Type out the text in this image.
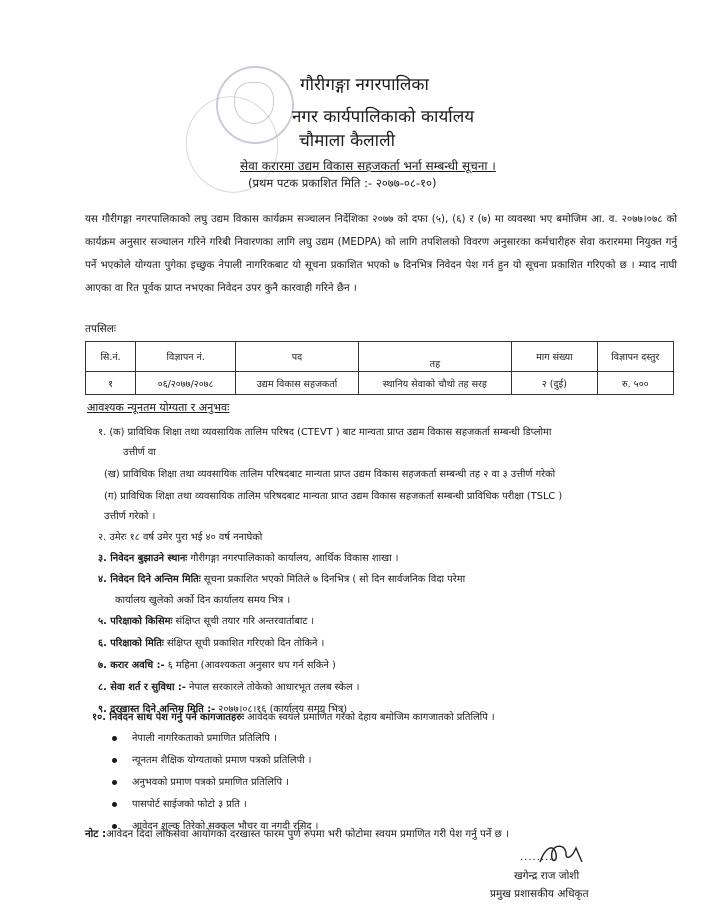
गौरीगङ्गा नगरपालिका
नगर कार्यपालिकाको कार्यालय
चौमाला कैलाली
सेवा करारमा उद्यम विकास सहजकर्ता भर्ना सम्बन्धी सूचना ।
(प्रथम पटक प्रकाशित मिति :- २०७७-०८-१०)
यस गौरीगङ्गा नगरपालिकाको लघु उद्यम विकास कार्यक्रम सञ्चालन निर्देशिका २०७७ को दफा (५), (६) र (७) मा व्यवस्था भए बमोजिम आ. व. २०७७।०७८ को कार्यक्रम अनुसार सञ्चालन गरिने गरिबी निवारणका लागि लघु उद्यम (MEDPA) को लागि तपशिलको विवरण अनुसारका कर्मचारीहरु सेवा करारममा नियुक्त गर्नु पर्ने भएकोले योग्यता पुगेका इच्छुक नेपाली नागरिकबाट यो सूचना प्रकाशित भएको ७ दिनभित्र निवेदन पेश गर्न हुन यो सूचना प्रकाशित गरिएको छ । म्याद नाघी आएका वा रित पूर्वक प्राप्त नभएका निवेदन उपर कुनै कारवाही गरिने छैन ।
तपसिलः
सि.नं.	विज्ञापन नं.	पद	तह	माग संख्या	विज्ञापन दस्तुर
१	०६/२०७७/२०७८	उद्यम विकास सहजकर्ता	स्थानिय सेवाको चौथो तह सरह	२ (दुई)	रु. ५००
आवश्यक न्यूनतम योग्यता र अनुभवः
१. (क) प्राविधिक शिक्षा तथा व्यवसायिक तालिम परिषद (CTEVT ) बाट मान्यता प्राप्त उद्यम विकास सहजकर्ता सम्बन्धी डिप्लोमा
उत्तीर्ण वा
(ख) प्राविधिक शिक्षा तथा व्यवसायिक तालिम परिषदबाट मान्यता प्राप्त उद्यम विकास सहजकर्ता सम्बन्धी तह २ वा ३ उत्तीर्ण गरेको
(ग) प्राविधिक शिक्षा तथा व्यवसायिक तालिम परिषदबाट मान्यता प्राप्त उद्यम विकास सहजकर्ता सम्बन्धी प्राविधिक परीक्षा (TSLC )
उत्तीर्ण गरेको ।
२. उमेरः १८ वर्ष उमेर पुरा भई ४० वर्ष ननाघेको
३. निवेदन बुझाउने स्थानः गौरीगङ्गा नगरपालिकाको कार्यालय, आर्थिक विकास शाखा ।
४. निवेदन दिने अन्तिम मितिः सूचना प्रकाशित भएको मितिले ७ दिनभित्र ( सो दिन सार्वजनिक विदा परेमा
कार्यालय खुलेको अर्को दिन कार्यालय समय भित्र ।
५. परिक्षाको किसिमः संक्षिप्त सूची तयार गरि अन्तरवार्ताबाट ।
६. परिक्षाको मितिः संक्षिप्त सूची प्रकाशित गरिएको दिन तोकिने ।
७. करार अवधि :- ६ महिना (आवश्यकता अनुसार थप गर्न सकिने )
८. सेवा शर्त र सुविधा :- नेपाल सरकारले तोकेको आधारभूत तलब स्केल ।
९. दरखास्त दिने अन्तिम मिति :- २०७७।०८।१६ (कार्यालय समय भित्र)
१०. निवेदन साथ पेश गर्नु पर्ने कागजातहरुः आवेदक स्वयंले प्रमाणित गरेको देहाय बमोजिम कागजातको प्रतिलिपि ।
नेपाली नागरिकताको प्रमाणित प्रतिलिपि ।
न्यूनतम शैक्षिक योग्यताको प्रमाण पत्रको प्रतिलिपी ।
अनुभवको प्रमाण पत्रको प्रमाणित प्रतिलिपि ।
पासपोर्ट साईजको फोटो ३ प्रति ।
आवेदन शुल्क तिरेको सक्कल भौचर वा नगदी रसिद ।
नोट :आवेदन दिदा लोकसेवा आयोगको दरखास्त फारम पुर्ण रुपमा भरी फोटोमा स्वयम प्रमाणित गरी पेश गर्नु पर्ने छ ।
.........
खगेन्द्र राज जोशी
प्रमुख प्रशासकीय अधिकृत
